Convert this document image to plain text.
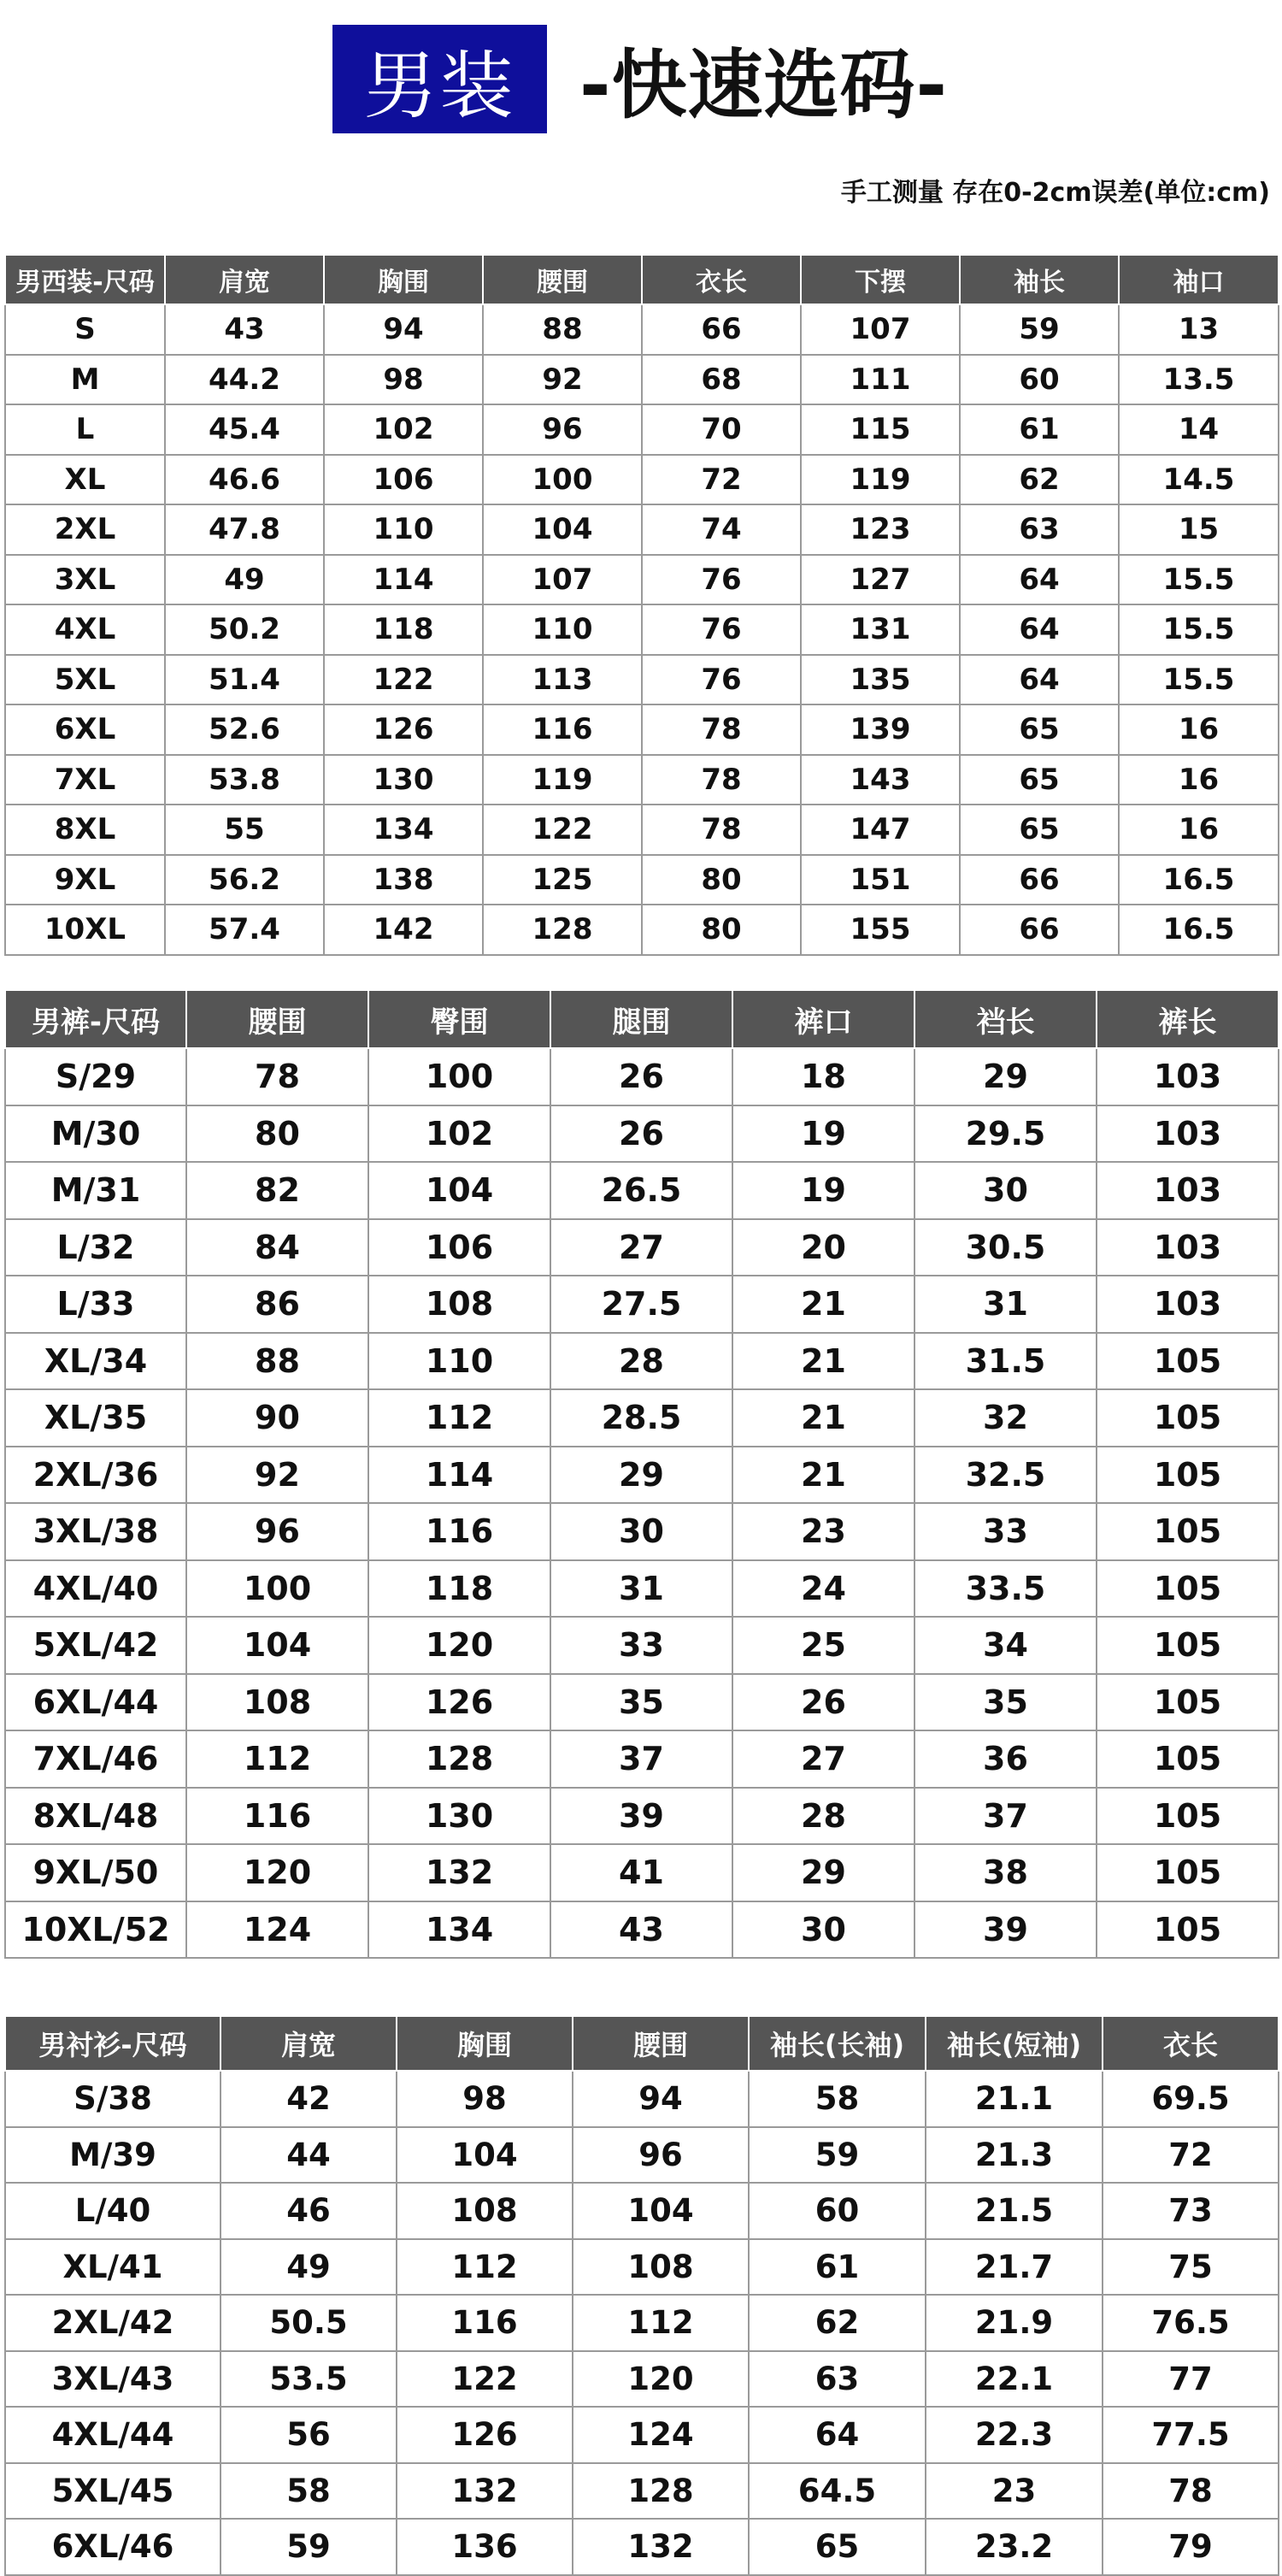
男装 -快速选码-
手工测量 存在0-2cm误差(单位:cm)
男西装-尺码	肩宽	胸围	腰围	衣长	下摆	袖长	袖口
S	43	94	88	66	107	59	13
M	44.2	98	92	68	111	60	13.5
L	45.4	102	96	70	115	61	14
XL	46.6	106	100	72	119	62	14.5
2XL	47.8	110	104	74	123	63	15
3XL	49	114	107	76	127	64	15.5
4XL	50.2	118	110	76	131	64	15.5
5XL	51.4	122	113	76	135	64	15.5
6XL	52.6	126	116	78	139	65	16
7XL	53.8	130	119	78	143	65	16
8XL	55	134	122	78	147	65	16
9XL	56.2	138	125	80	151	66	16.5
10XL	57.4	142	128	80	155	66	16.5
男裤-尺码	腰围	臀围	腿围	裤口	裆长	裤长
S/29	78	100	26	18	29	103
M/30	80	102	26	19	29.5	103
M/31	82	104	26.5	19	30	103
L/32	84	106	27	20	30.5	103
L/33	86	108	27.5	21	31	103
XL/34	88	110	28	21	31.5	105
XL/35	90	112	28.5	21	32	105
2XL/36	92	114	29	21	32.5	105
3XL/38	96	116	30	23	33	105
4XL/40	100	118	31	24	33.5	105
5XL/42	104	120	33	25	34	105
6XL/44	108	126	35	26	35	105
7XL/46	112	128	37	27	36	105
8XL/48	116	130	39	28	37	105
9XL/50	120	132	41	29	38	105
10XL/52	124	134	43	30	39	105
男衬衫-尺码	肩宽	胸围	腰围	袖长(长袖)	袖长(短袖)	衣长
S/38	42	98	94	58	21.1	69.5
M/39	44	104	96	59	21.3	72
L/40	46	108	104	60	21.5	73
XL/41	49	112	108	61	21.7	75
2XL/42	50.5	116	112	62	21.9	76.5
3XL/43	53.5	122	120	63	22.1	77
4XL/44	56	126	124	64	22.3	77.5
5XL/45	58	132	128	64.5	23	78
6XL/46	59	136	132	65	23.2	79
